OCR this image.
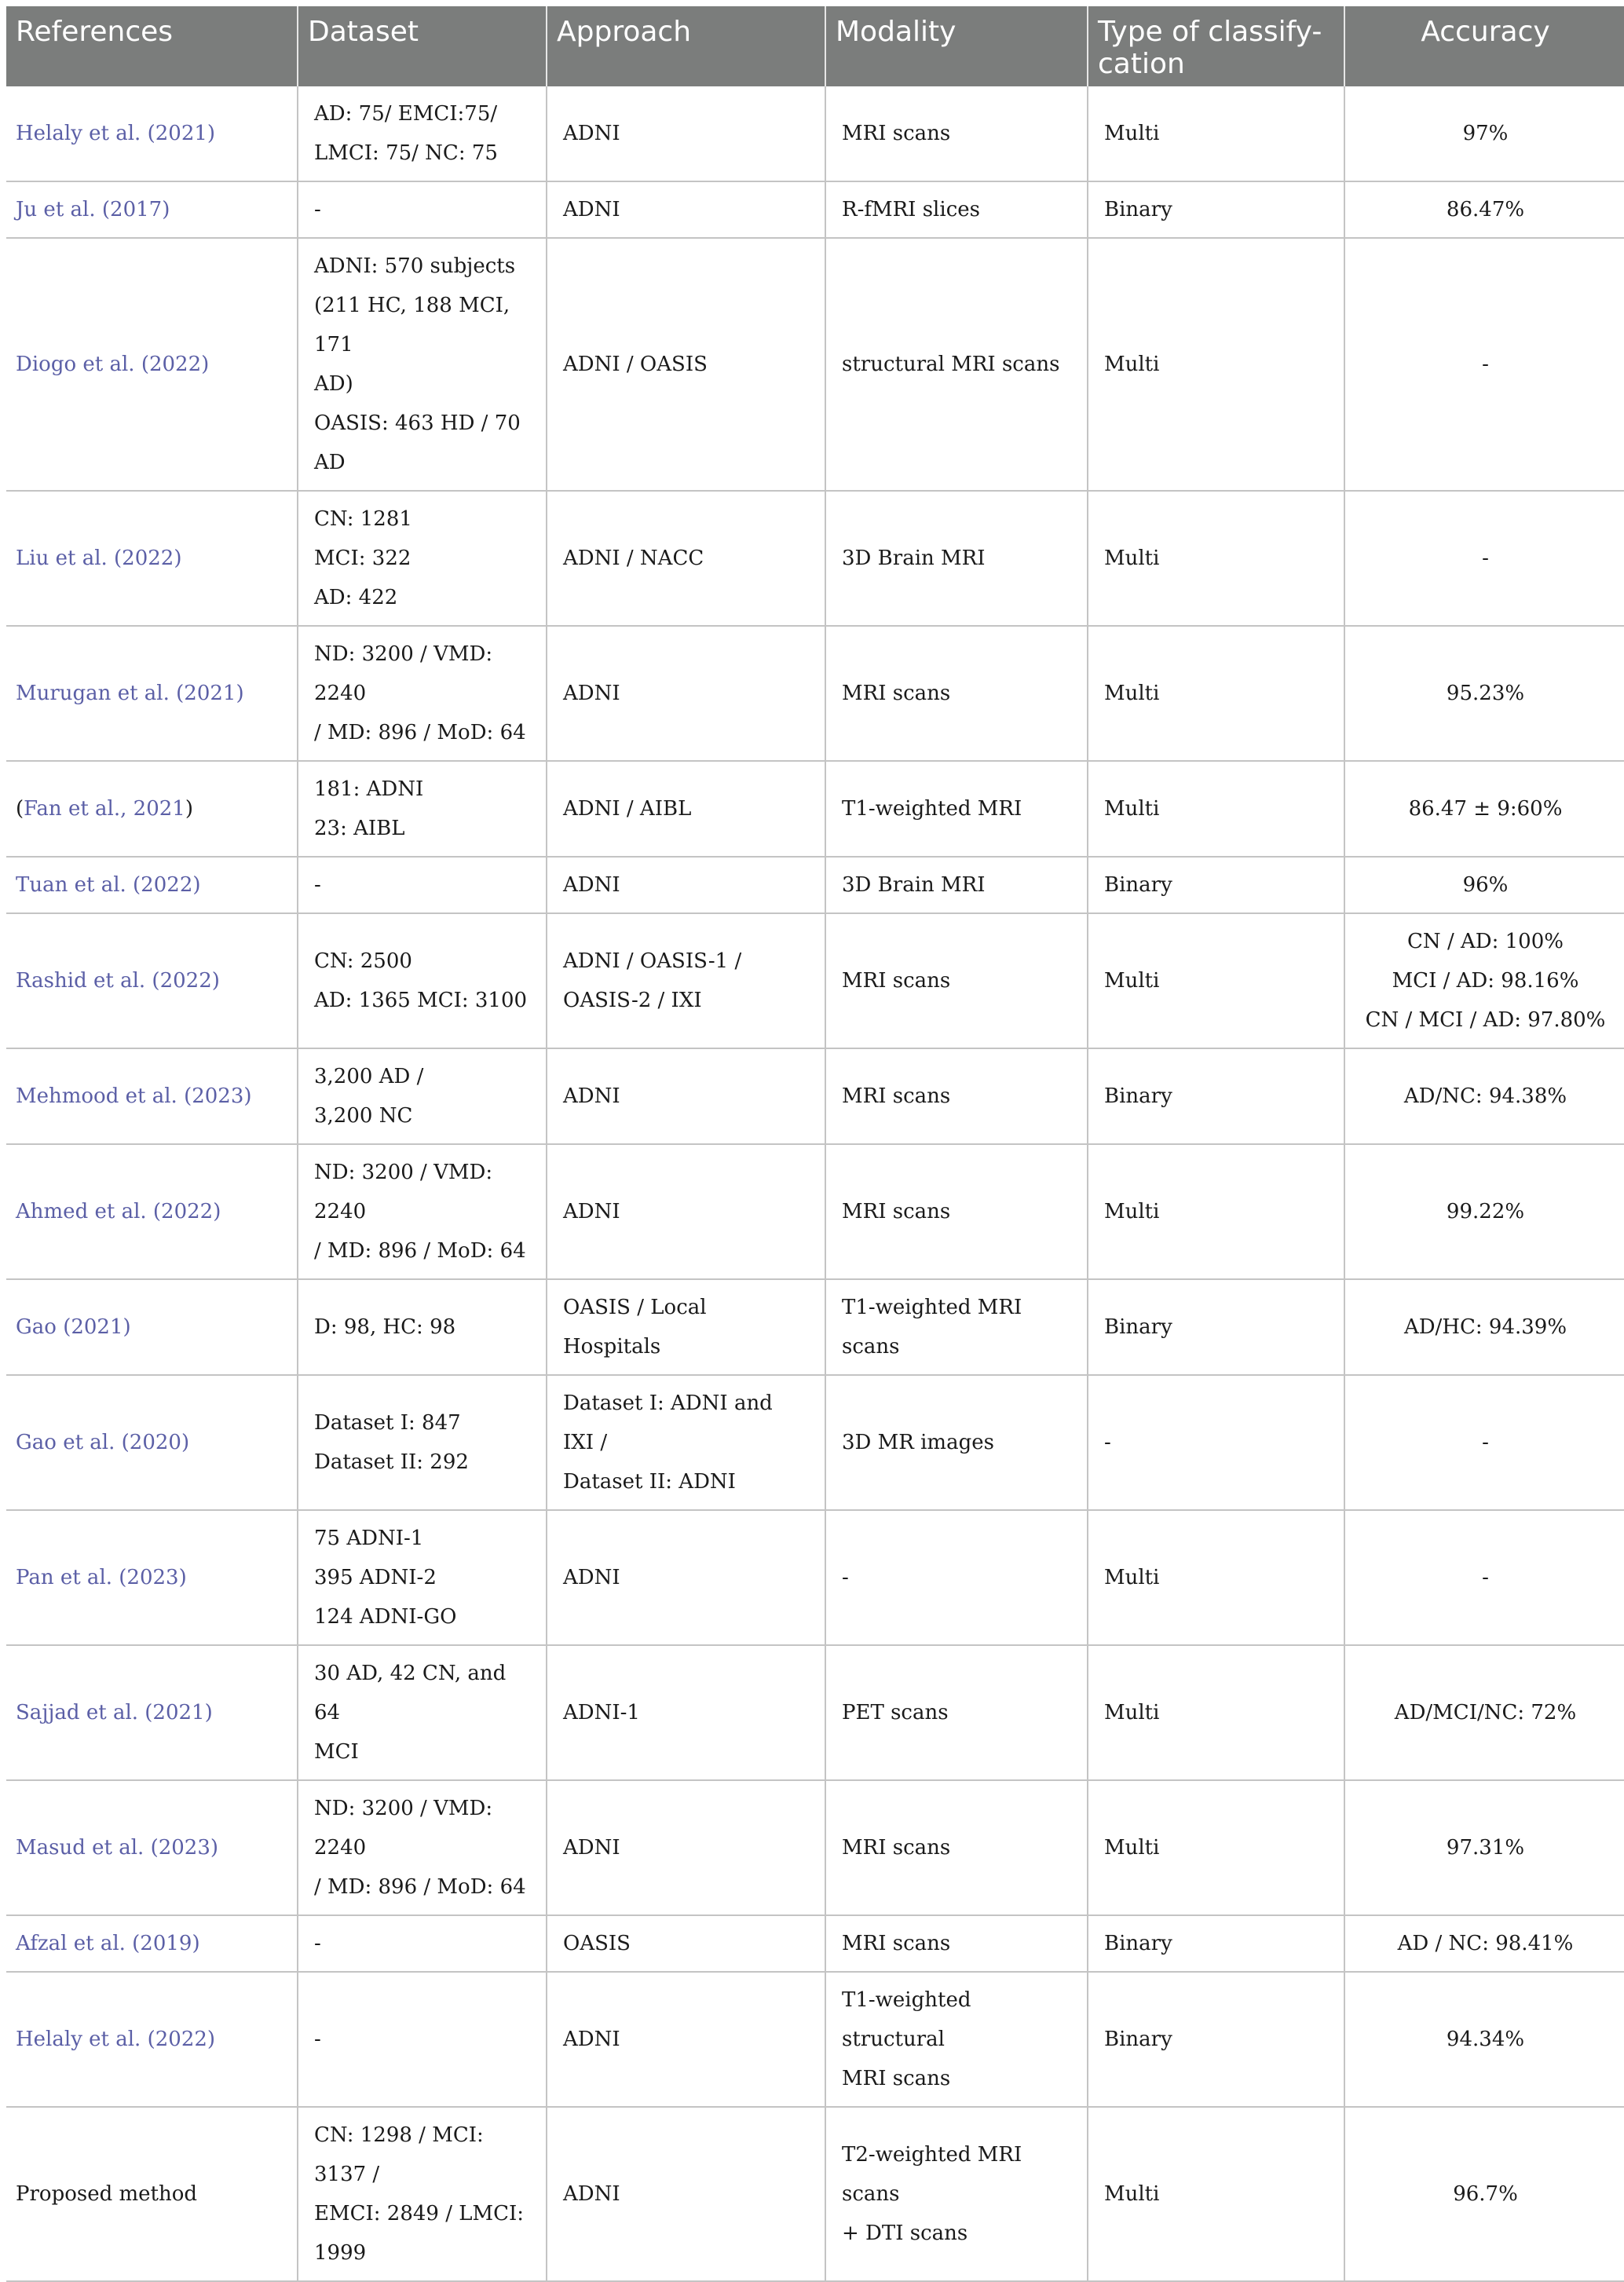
References	Dataset	Approach	Modality	Type of classify-
cation	Accuracy
Helaly et al. (2021)	AD: 75/ EMCI:75/
LMCI: 75/ NC: 75	ADNI	MRI scans	Multi	97%

Ju et al. (2017)	-	ADNI	R-fMRI slices	Binary	86.47%

Diogo et al. (2022)	ADNI: 570 subjects
(211 HC, 188 MCI, 171
AD)
OASIS: 463 HD / 70
AD	ADNI / OASIS	structural MRI scans	Multi	-

Liu et al. (2022)	CN: 1281
MCI: 322
AD: 422	ADNI / NACC	3D Brain MRI	Multi	-

Murugan et al. (2021)	ND: 3200 / VMD: 2240
/ MD: 896 / MoD: 64	ADNI	MRI scans	Multi	95.23%

(Fan et al., 2021)	181: ADNI
23: AIBL	ADNI / AIBL	T1-weighted MRI	Multi	86.47 ± 9:60%

Tuan et al. (2022)	-	ADNI	3D Brain MRI	Binary	96%

Rashid et al. (2022)	CN: 2500
AD: 1365 MCI: 3100	ADNI / OASIS-1 /
OASIS-2 / IXI	MRI scans	Multi	CN / AD: 100%
MCI / AD: 98.16%
CN / MCI / AD: 97.80%

Mehmood et al. (2023)	3,200 AD /
3,200 NC	ADNI	MRI scans	Binary	AD/NC: 94.38%

Ahmed et al. (2022)	ND: 3200 / VMD: 2240
/ MD: 896 / MoD: 64	ADNI	MRI scans	Multi	99.22%

Gao (2021)	D: 98, HC: 98	OASIS / Local Hospitals	T1-weighted MRI scans	Binary	AD/HC: 94.39%

Gao et al. (2020)	Dataset I: 847
Dataset II: 292	Dataset I: ADNI and IXI /
Dataset II: ADNI	3D MR images	-	-

Pan et al. (2023)	75 ADNI-1
395 ADNI-2
124 ADNI-GO	ADNI	-	Multi	-

Sajjad et al. (2021)	30 AD, 42 CN, and 64
MCI	ADNI-1	PET scans	Multi	AD/MCI/NC: 72%

Masud et al. (2023)	ND: 3200 / VMD: 2240
/ MD: 896 / MoD: 64	ADNI	MRI scans	Multi	97.31%

Afzal et al. (2019)	-	OASIS	MRI scans	Binary	AD / NC: 98.41%

Helaly et al. (2022)	-	ADNI	T1-weighted structural
MRI scans	Binary	94.34%

Proposed method	CN: 1298 / MCI: 3137 /
EMCI: 2849 / LMCI:
1999	ADNI	T2-weighted MRI scans
+ DTI scans	Multi	96.7%
